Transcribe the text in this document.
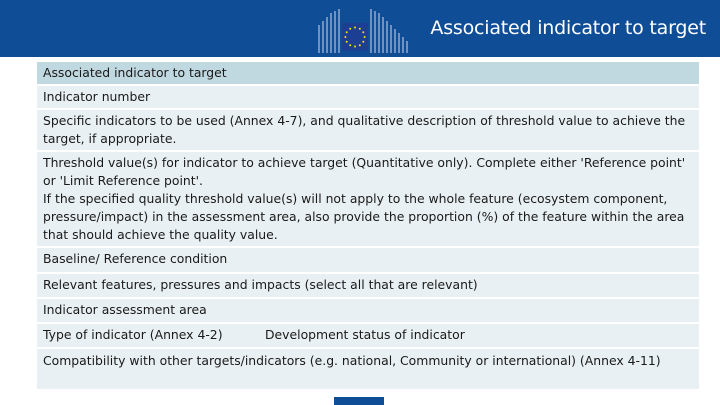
Associated indicator to target
Associated indicator to target
Indicator number
Specific indicators to be used (Annex 4-7), and qualitative description of threshold value to achieve the target, if appropriate.
Threshold value(s) for indicator to achieve target (Quantitative only). Complete either 'Reference point' or 'Limit Reference point'.
If the specified quality threshold value(s) will not apply to the whole feature (ecosystem component, pressure/impact) in the assessment area, also provide the proportion (%) of the feature within the area that should achieve the quality value.
Baseline/ Reference condition
Relevant features, pressures and impacts (select all that are relevant)
Indicator assessment area
Type of indicator (Annex 4-2)	Development status of indicator
Compatibility with other targets/indicators (e.g. national, Community or international) (Annex 4-11)
